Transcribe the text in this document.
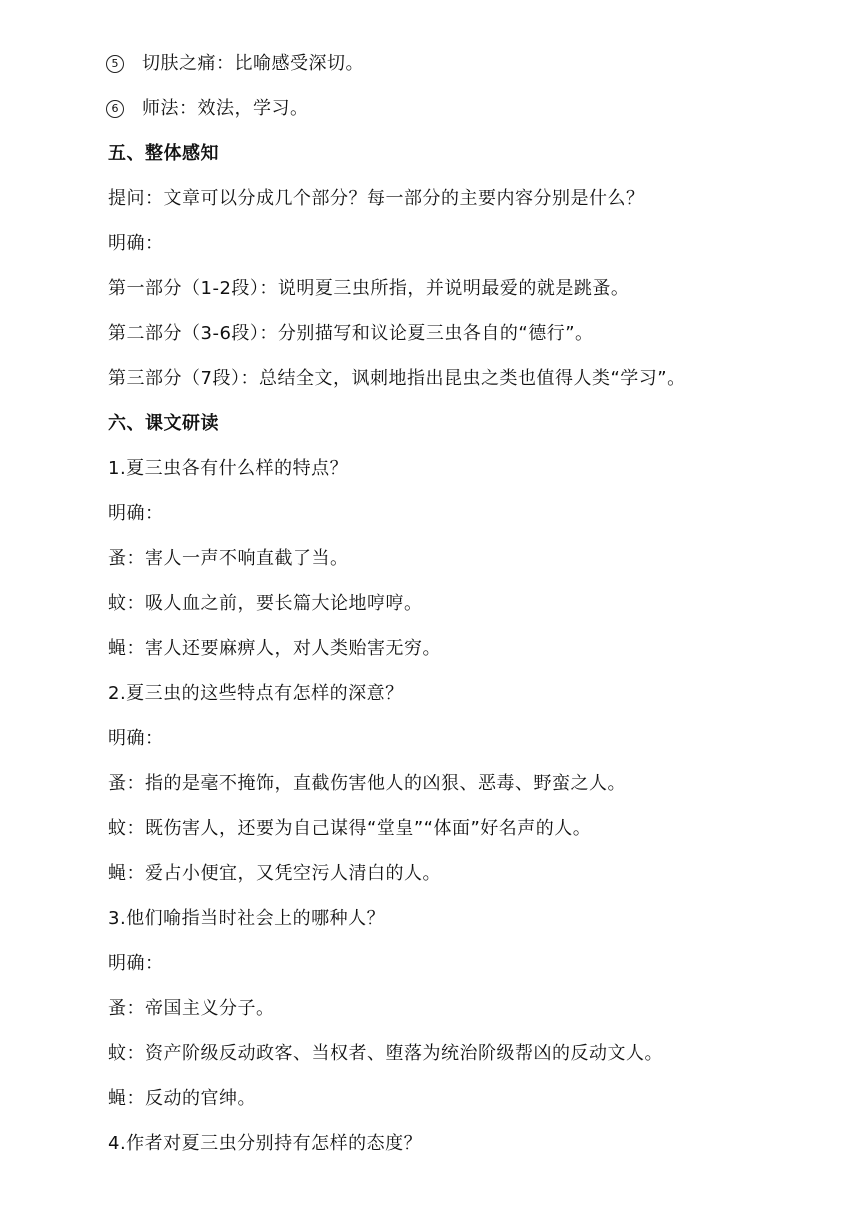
5	切肤之痛：比喻感受深切。
6	师法：效法，学习。
五、整体感知
提问：文章可以分成几个部分？每一部分的主要内容分别是什么？
明确：
第一部分（1-2段）：说明夏三虫所指，并说明最爱的就是跳蚤。
第二部分（3-6段）：分别描写和议论夏三虫各自的“德行”。
第三部分（7段）：总结全文，讽刺地指出昆虫之类也值得人类“学习”。
六、课文研读
1.夏三虫各有什么样的特点？
明确：
蚤：害人一声不响直截了当。
蚊：吸人血之前，要长篇大论地哼哼。
蝇：害人还要麻痹人，对人类贻害无穷。
2.夏三虫的这些特点有怎样的深意？
明确：
蚤：指的是毫不掩饰，直截伤害他人的凶狠、恶毒、野蛮之人。
蚊：既伤害人，还要为自己谋得“堂皇”“体面”好名声的人。
蝇：爱占小便宜，又凭空污人清白的人。
3.他们喻指当时社会上的哪种人？
明确：
蚤：帝国主义分子。
蚊：资产阶级反动政客、当权者、堕落为统治阶级帮凶的反动文人。
蝇：反动的官绅。
4.作者对夏三虫分别持有怎样的态度？
